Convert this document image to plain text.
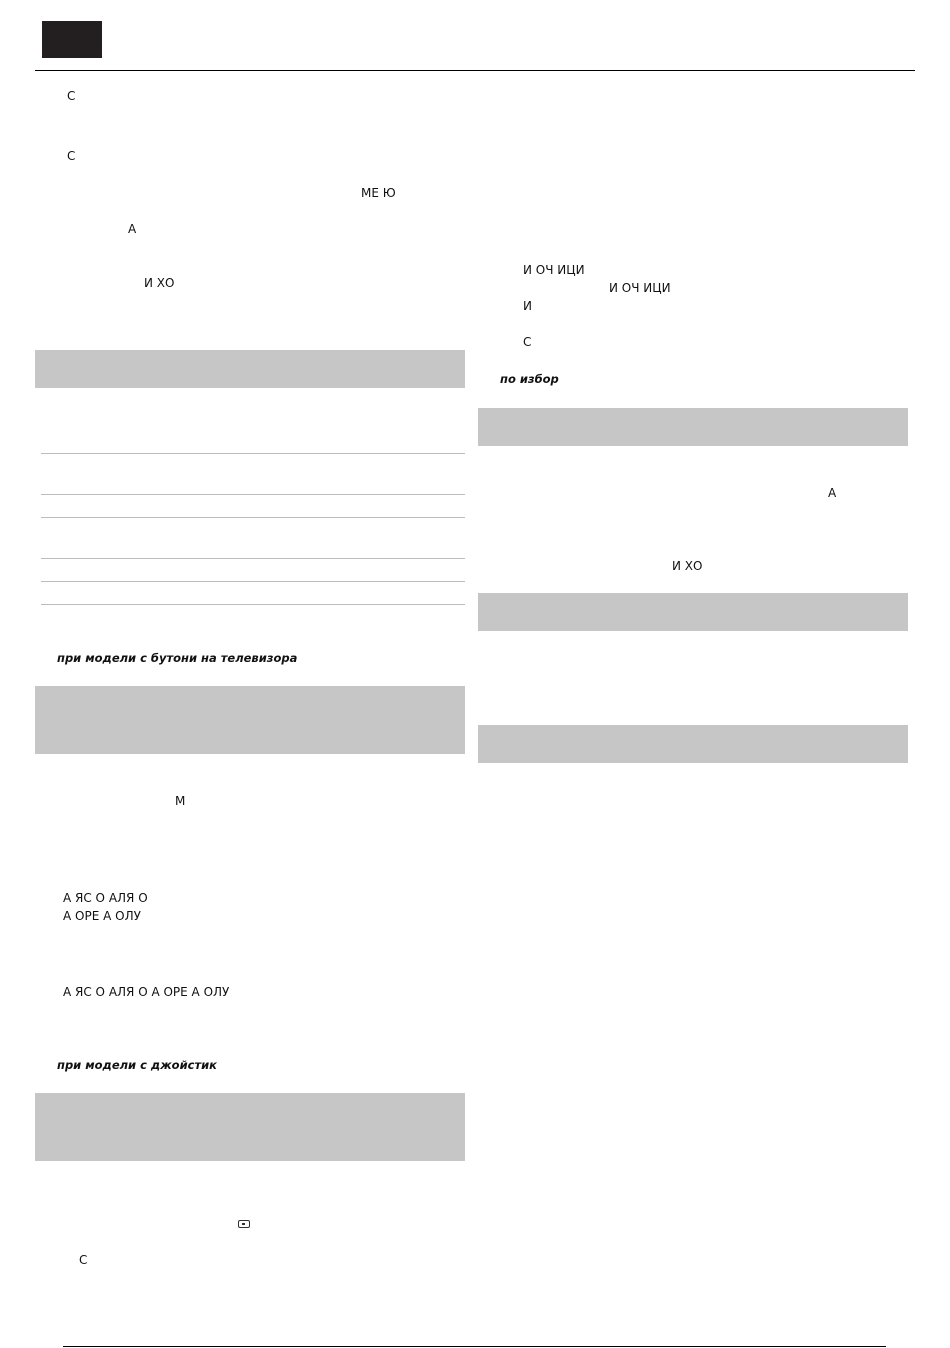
С
С
МЕ Ю
А
И ХО
при модели с бутони на телевизора
М
А ЯС О АЛЯ О
А ОРЕ А ОЛУ
А ЯС О АЛЯ О А ОРЕ А ОЛУ
при модели с джойстик
С
И ОЧ ИЦИ
И ОЧ ИЦИ
И
С
по избор
А
И ХО
